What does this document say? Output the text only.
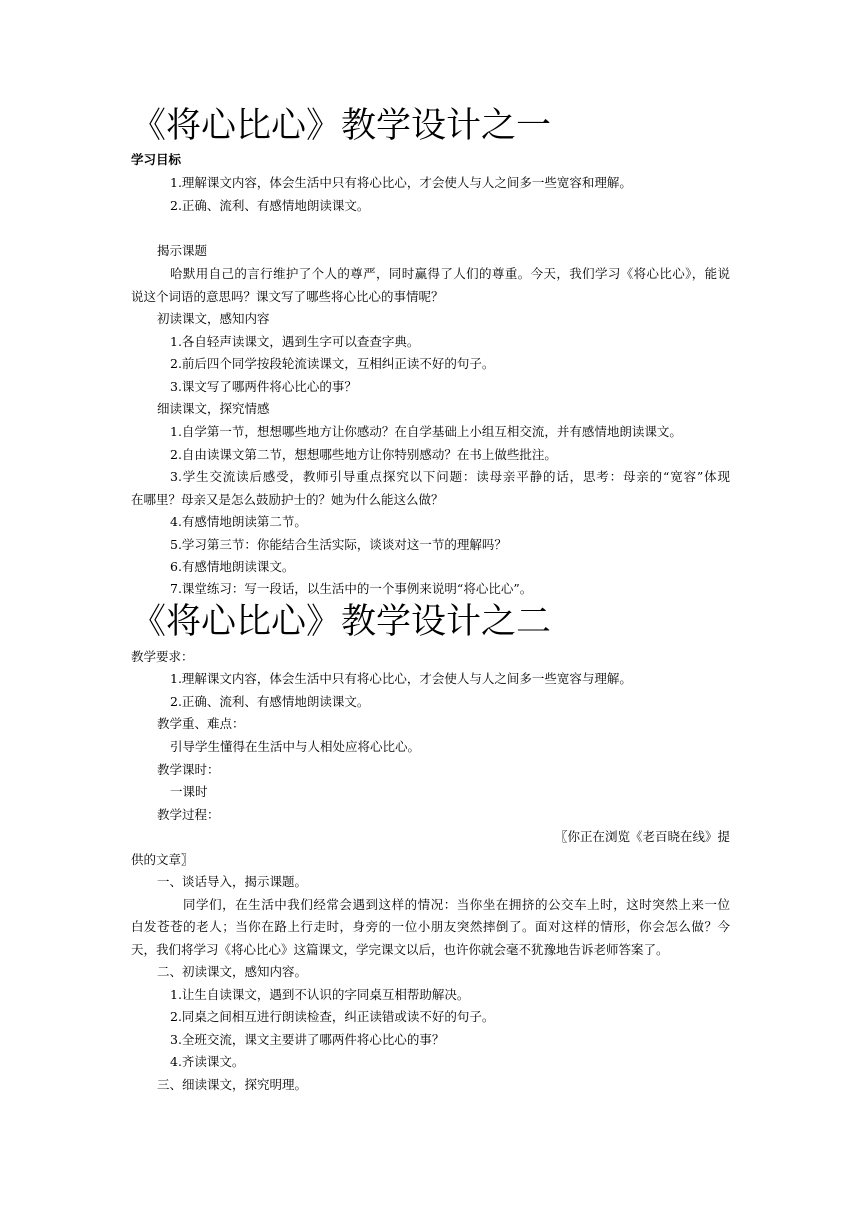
《将心比心》教学设计之一

学习目标

1.理解课文内容，体会生活中只有将心比心，才会使人与人之间多一些宽容和理解。

2.正确、流利、有感情地朗读课文。

揭示课题

哈默用自己的言行维护了个人的尊严，同时赢得了人们的尊重。今天，我们学习《将心比心》，能说

说这个词语的意思吗？课文写了哪些将心比心的事情呢？

初读课文，感知内容

1.各自轻声读课文，遇到生字可以查查字典。

2.前后四个同学按段轮流读课文，互相纠正读不好的句子。

3.课文写了哪两件将心比心的事？

细读课文，探究情感

1.自学第一节，想想哪些地方让你感动？在自学基础上小组互相交流，并有感情地朗读课文。

2.自由读课文第二节，想想哪些地方让你特别感动？在书上做些批注。

3.学生交流读后感受，教师引导重点探究以下问题：读母亲平静的话，思考：母亲的“宽容”体现

在哪里？母亲又是怎么鼓励护士的？她为什么能这么做？

4.有感情地朗读第二节。

5.学习第三节：你能结合生活实际，谈谈对这一节的理解吗？

6.有感情地朗读课文。

7.课堂练习：写一段话，以生活中的一个事例来说明“将心比心”。

《将心比心》教学设计之二

教学要求：

1.理解课文内容，体会生活中只有将心比心，才会使人与人之间多一些宽容与理解。

2.正确、流利、有感情地朗读课文。

教学重、难点：

引导学生懂得在生活中与人相处应将心比心。

教学课时：

一课时

教学过程：

〖你正在浏览《老百晓在线》提

供的文章〗

一、谈话导入，揭示课题。

同学们，在生活中我们经常会遇到这样的情况：当你坐在拥挤的公交车上时，这时突然上来一位

白发苍苍的老人；当你在路上行走时，身旁的一位小朋友突然摔倒了。面对这样的情形，你会怎么做？今

天，我们将学习《将心比心》这篇课文，学完课文以后，也许你就会毫不犹豫地告诉老师答案了。

二、初读课文，感知内容。

1.让生自读课文，遇到不认识的字同桌互相帮助解决。

2.同桌之间相互进行朗读检查，纠正读错或读不好的句子。

3.全班交流，课文主要讲了哪两件将心比心的事？

4.齐读课文。

三、细读课文，探究明理。
